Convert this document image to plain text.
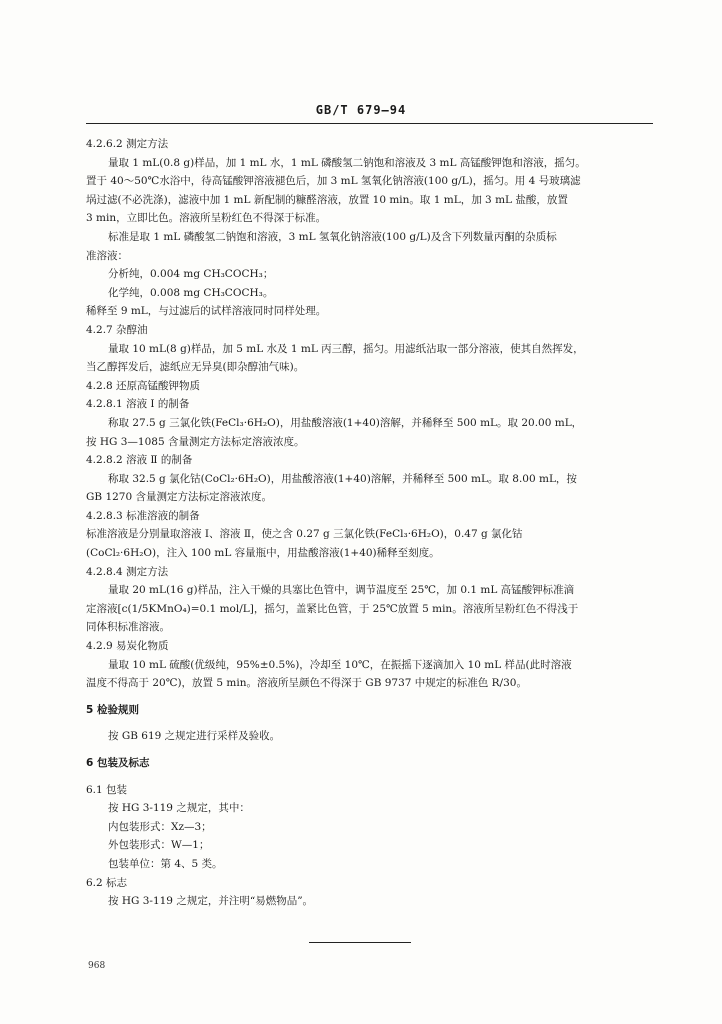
GB/T 679—94
4.2.6.2 测定方法
量取 1 mL(0.8 g)样品，加 1 mL 水，1 mL 磷酸氢二钠饱和溶液及 3 mL 高锰酸钾饱和溶液，摇匀。
置于 40～50℃水浴中，待高锰酸钾溶液褪色后，加 3 mL 氢氧化钠溶液(100 g/L)，摇匀。用 4 号玻璃滤
埚过滤(不必洗涤)，滤液中加 1 mL 新配制的糠醛溶液，放置 10 min。取 1 mL，加 3 mL 盐酸，放置
3 min，立即比色。溶液所呈粉红色不得深于标准。
标准是取 1 mL 磷酸氢二钠饱和溶液，3 mL 氢氧化钠溶液(100 g/L)及含下列数量丙酮的杂质标
准溶液：
分析纯，0.004 mg CH₃COCH₃；
化学纯，0.008 mg CH₃COCH₃。
稀释至 9 mL，与过滤后的试样溶液同时同样处理。
4.2.7 杂醇油
量取 10 mL(8 g)样品，加 5 mL 水及 1 mL 丙三醇，摇匀。用滤纸沾取一部分溶液，使其自然挥发，
当乙醇挥发后，滤纸应无异臭(即杂醇油气味)。
4.2.8 还原高锰酸钾物质
4.2.8.1 溶液 Ⅰ 的制备
称取 27.5 g 三氯化铁(FeCl₃·6H₂O)，用盐酸溶液(1+40)溶解，并稀释至 500 mL。取 20.00 mL，
按 HG 3—1085 含量测定方法标定溶液浓度。
4.2.8.2 溶液 Ⅱ 的制备
称取 32.5 g 氯化钴(CoCl₂·6H₂O)，用盐酸溶液(1+40)溶解，并稀释至 500 mL。取 8.00 mL，按
GB 1270 含量测定方法标定溶液浓度。
4.2.8.3 标准溶液的制备
标准溶液是分别量取溶液 Ⅰ、溶液 Ⅱ，使之含 0.27 g 三氯化铁(FeCl₃·6H₂O)，0.47 g 氯化钴
(CoCl₂·6H₂O)，注入 100 mL 容量瓶中，用盐酸溶液(1+40)稀释至刻度。
4.2.8.4 测定方法
量取 20 mL(16 g)样品，注入干燥的具塞比色管中，调节温度至 25℃，加 0.1 mL 高锰酸钾标准滴
定溶液[c(1/5KMnO₄)=0.1 mol/L]，摇匀，盖紧比色管，于 25℃放置 5 min。溶液所呈粉红色不得浅于
同体积标准溶液。
4.2.9 易炭化物质
量取 10 mL 硫酸(优级纯，95%±0.5%)，冷却至 10℃，在振摇下逐滴加入 10 mL 样品(此时溶液
温度不得高于 20℃)，放置 5 min。溶液所呈颜色不得深于 GB 9737 中规定的标准色 R/30。
5 检验规则
按 GB 619 之规定进行采样及验收。
6 包装及标志
6.1 包装
按 HG 3-119 之规定，其中：
内包装形式：Xz—3；
外包装形式：W—1；
包装单位：第 4、5 类。
6.2 标志
按 HG 3-119 之规定，并注明“易燃物品”。
968
